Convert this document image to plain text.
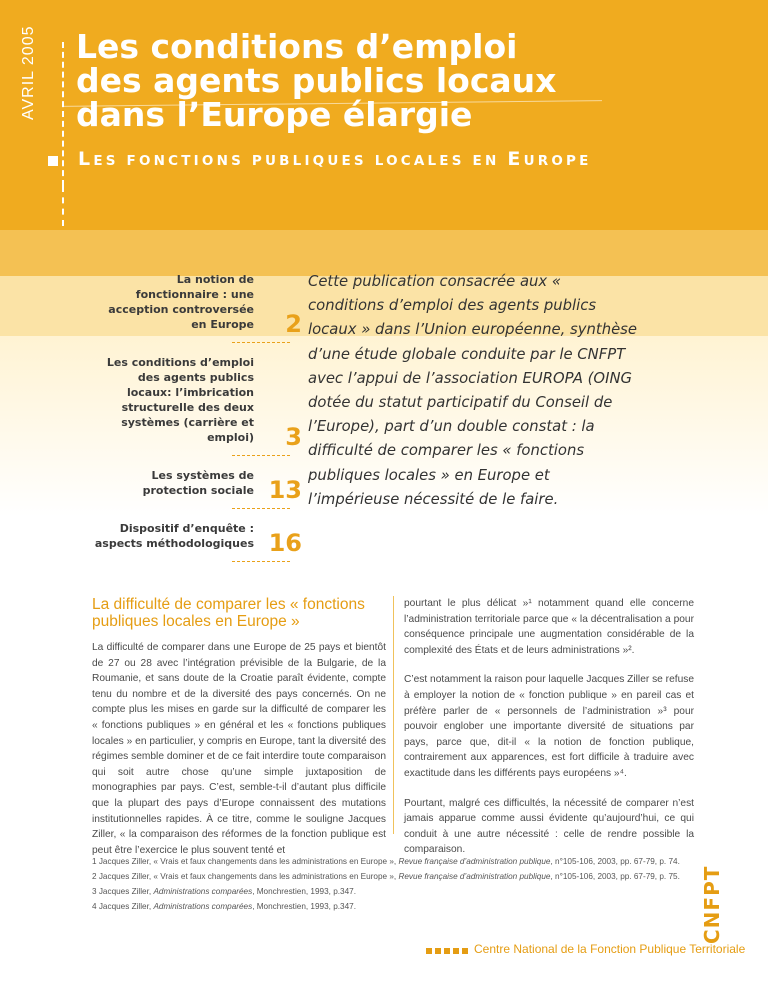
AVRIL 2005 Les conditions d’emploi
des agents publics locaux
dans l’Europe élargie
LES FONCTIONS PUBLIQUES LOCALES EN EUROPE
La notion de fonctionnaire : une acception controversée en Europe	2
Les conditions d’emploi des agents publics locaux: l’imbrication structurelle des deux systèmes (carrière et emploi)	3
Les systèmes de protection sociale 13
Dispositif d’enquête : aspects méthodologiques 16
Cette publication consacrée aux « conditions d’emploi des agents publics locaux » dans l’Union européenne, synthèse d’une étude globale conduite par le CNFPT avec l’appui de l’association EUROPA (OING dotée du statut participatif du Conseil de l’Europe), part d’un double constat : la difficulté de comparer les « fonctions publiques locales » en Europe et l’impérieuse nécessité de le faire.
La difficulté de comparer les « fonctions publiques locales en Europe »
La difficulté de comparer dans une Europe de 25 pays et bientôt de 27 ou 28 avec l’intégration prévisible de la Bulgarie, de la Roumanie, et sans doute de la Croatie paraît évidente, compte tenu du nombre et de la diversité des pays concernés. On ne compte plus les mises en garde sur la difficulté de comparer les « fonctions publiques » en général et les « fonctions publiques locales » en particulier, y compris en Europe, tant la diversité des régimes semble dominer et de ce fait interdire toute comparaison qui soit autre chose qu’une simple juxtaposition de monographies par pays. C’est, semble-t-il d’autant plus difficile que la plupart des pays d’Europe connaissent des mutations institutionnelles rapides. À ce titre, comme le souligne Jacques Ziller, « la comparaison des réformes de la fonction publique est peut être l’exercice le plus souvent tenté et

pourtant le plus délicat »¹ notamment quand elle concerne l’administration territoriale parce que « la décentralisation a pour conséquence principale une augmentation considérable de la complexité des États et de leurs administrations »².

C’est notamment la raison pour laquelle Jacques Ziller se refuse à employer la notion de « fonction publique » en pareil cas et préfère parler de « personnels de l’administration »³ pour pouvoir englober une importante diversité de situations par pays, parce que, dit-il « la notion de fonction publique, contrairement aux apparences, est fort difficile à traduire avec exactitude dans les différents pays européens »⁴.

Pourtant, malgré ces difficultés, la nécessité de comparer n’est jamais apparue comme aussi évidente qu’aujourd’hui, ce qui conduit à une autre nécessité : celle de rendre possible la comparaison.

1 Jacques Ziller, « Vrais et faux changements dans les administrations en Europe », Revue française d’administration publique, n°105-106, 2003, pp. 67-79, p. 74.
2 Jacques Ziller, « Vrais et faux changements dans les administrations en Europe », Revue française d’administration publique, n°105-106, 2003, pp. 67-79, p. 75.
3 Jacques Ziller, Administrations comparées, Monchrestien, 1993, p.347.
4 Jacques Ziller, Administrations comparées, Monchrestien, 1993, p.347.	CNFPT
Centre National de la Fonction Publique Territoriale
